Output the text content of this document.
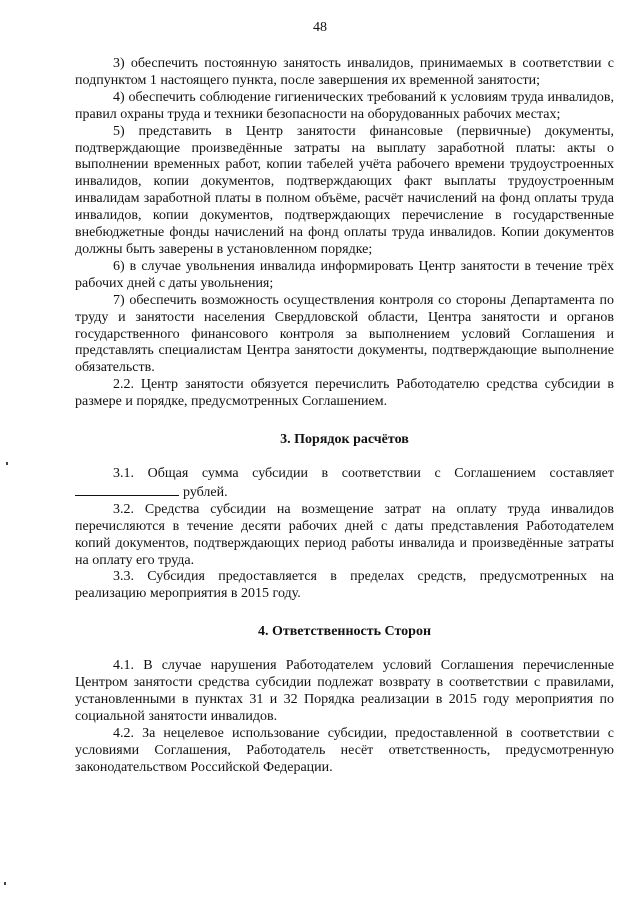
48

3) обеспечить постоянную занятость инвалидов, принимаемых в соответствии с подпунктом 1 настоящего пункта, после завершения их временной занятости;

4) обеспечить соблюдение гигиенических требований к условиям труда инвалидов, правил охраны труда и техники безопасности на оборудованных рабочих местах;

5) представить в Центр занятости финансовые (первичные) документы, подтверждающие произведённые затраты на выплату заработной платы: акты о выполнении временных работ, копии табелей учёта рабочего времени трудоустроенных инвалидов, копии документов, подтверждающих факт выплаты трудоустроенным инвалидам заработной платы в полном объёме, расчёт начислений на фонд оплаты труда инвалидов, копии документов, подтверждающих перечисление в государственные внебюджетные фонды начислений на фонд оплаты труда инвалидов. Копии документов должны быть заверены в установленном порядке;

6) в случае увольнения инвалида информировать Центр занятости в течение трёх рабочих дней с даты увольнения;

7) обеспечить возможность осуществления контроля со стороны Департамента по труду и занятости населения Свердловской области, Центра занятости и органов государственного финансового контроля за выполнением условий Соглашения и представлять специалистам Центра занятости документы, подтверждающие выполнение обязательств.

2.2. Центр занятости обязуется перечислить Работодателю средства субсидии в размере и порядке, предусмотренных Соглашением.

3. Порядок расчётов

3.1. Общая сумма субсидии в соответствии с Соглашением составляет рублей.

3.2. Средства субсидии на возмещение затрат на оплату труда инвалидов перечисляются в течение десяти рабочих дней с даты представления Работодателем копий документов, подтверждающих период работы инвалида и произведённые затраты на оплату его труда.

3.3. Субсидия предоставляется в пределах средств, предусмотренных на реализацию мероприятия в 2015 году.

4. Ответственность Сторон

4.1. В случае нарушения Работодателем условий Соглашения перечисленные Центром занятости средства субсидии подлежат возврату в соответствии с правилами, установленными в пунктах 31 и 32 Порядка реализации в 2015 году мероприятия по социальной занятости инвалидов.

4.2. За нецелевое использование субсидии, предоставленной в соответствии с условиями Соглашения, Работодатель несёт ответственность, предусмотренную законодательством Российской Федерации.
